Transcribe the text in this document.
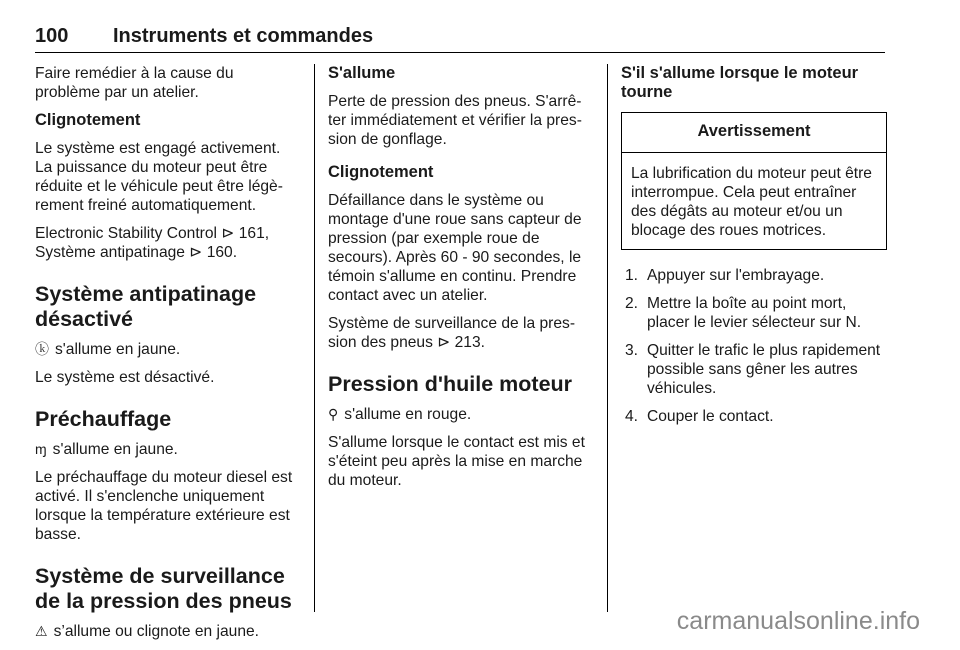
100 Instruments et commandes

Faire remédier à la cause du problème par un atelier.

Clignotement

Le système est engagé activement. La puissance du moteur peut être réduite et le véhicule peut être légèrement freiné automatiquement.

Electronic Stability Control ⊳ 161, Système antipatinage ⊳ 160.

Système antipatinage désactivé

ⓚ s'allume en jaune.

Le système est désactivé.

Préchauffage

ɱ s'allume en jaune.

Le préchauffage du moteur diesel est activé. Il s'enclenche uniquement lorsque la température extérieure est basse.

Système de surveillance de la pression des pneus

⚠ s’allume ou clignote en jaune.

S'allume

Perte de pression des pneus. S'arrêter immédiatement et vérifier la pression de gonflage.

Clignotement

Défaillance dans le système ou montage d'une roue sans capteur de pression (par exemple roue de secours). Après 60 - 90 secondes, le témoin s'allume en continu. Prendre contact avec un atelier.

Système de surveillance de la pression des pneus ⊳ 213.

Pression d'huile moteur

⚲ s'allume en rouge.

S'allume lorsque le contact est mis et s'éteint peu après la mise en marche du moteur.

S'il s'allume lorsque le moteur tourne
Avertissement
La lubrification du moteur peut être interrompue. Cela peut entraîner des dégâts au moteur et/ou un blocage des roues motrices.
1. Appuyer sur l'embrayage.
2. Mettre la boîte au point mort, placer le levier sélecteur sur N.
3. Quitter le trafic le plus rapidement possible sans gêner les autres véhicules.
4. Couper le contact.
carmanualsonline.info
